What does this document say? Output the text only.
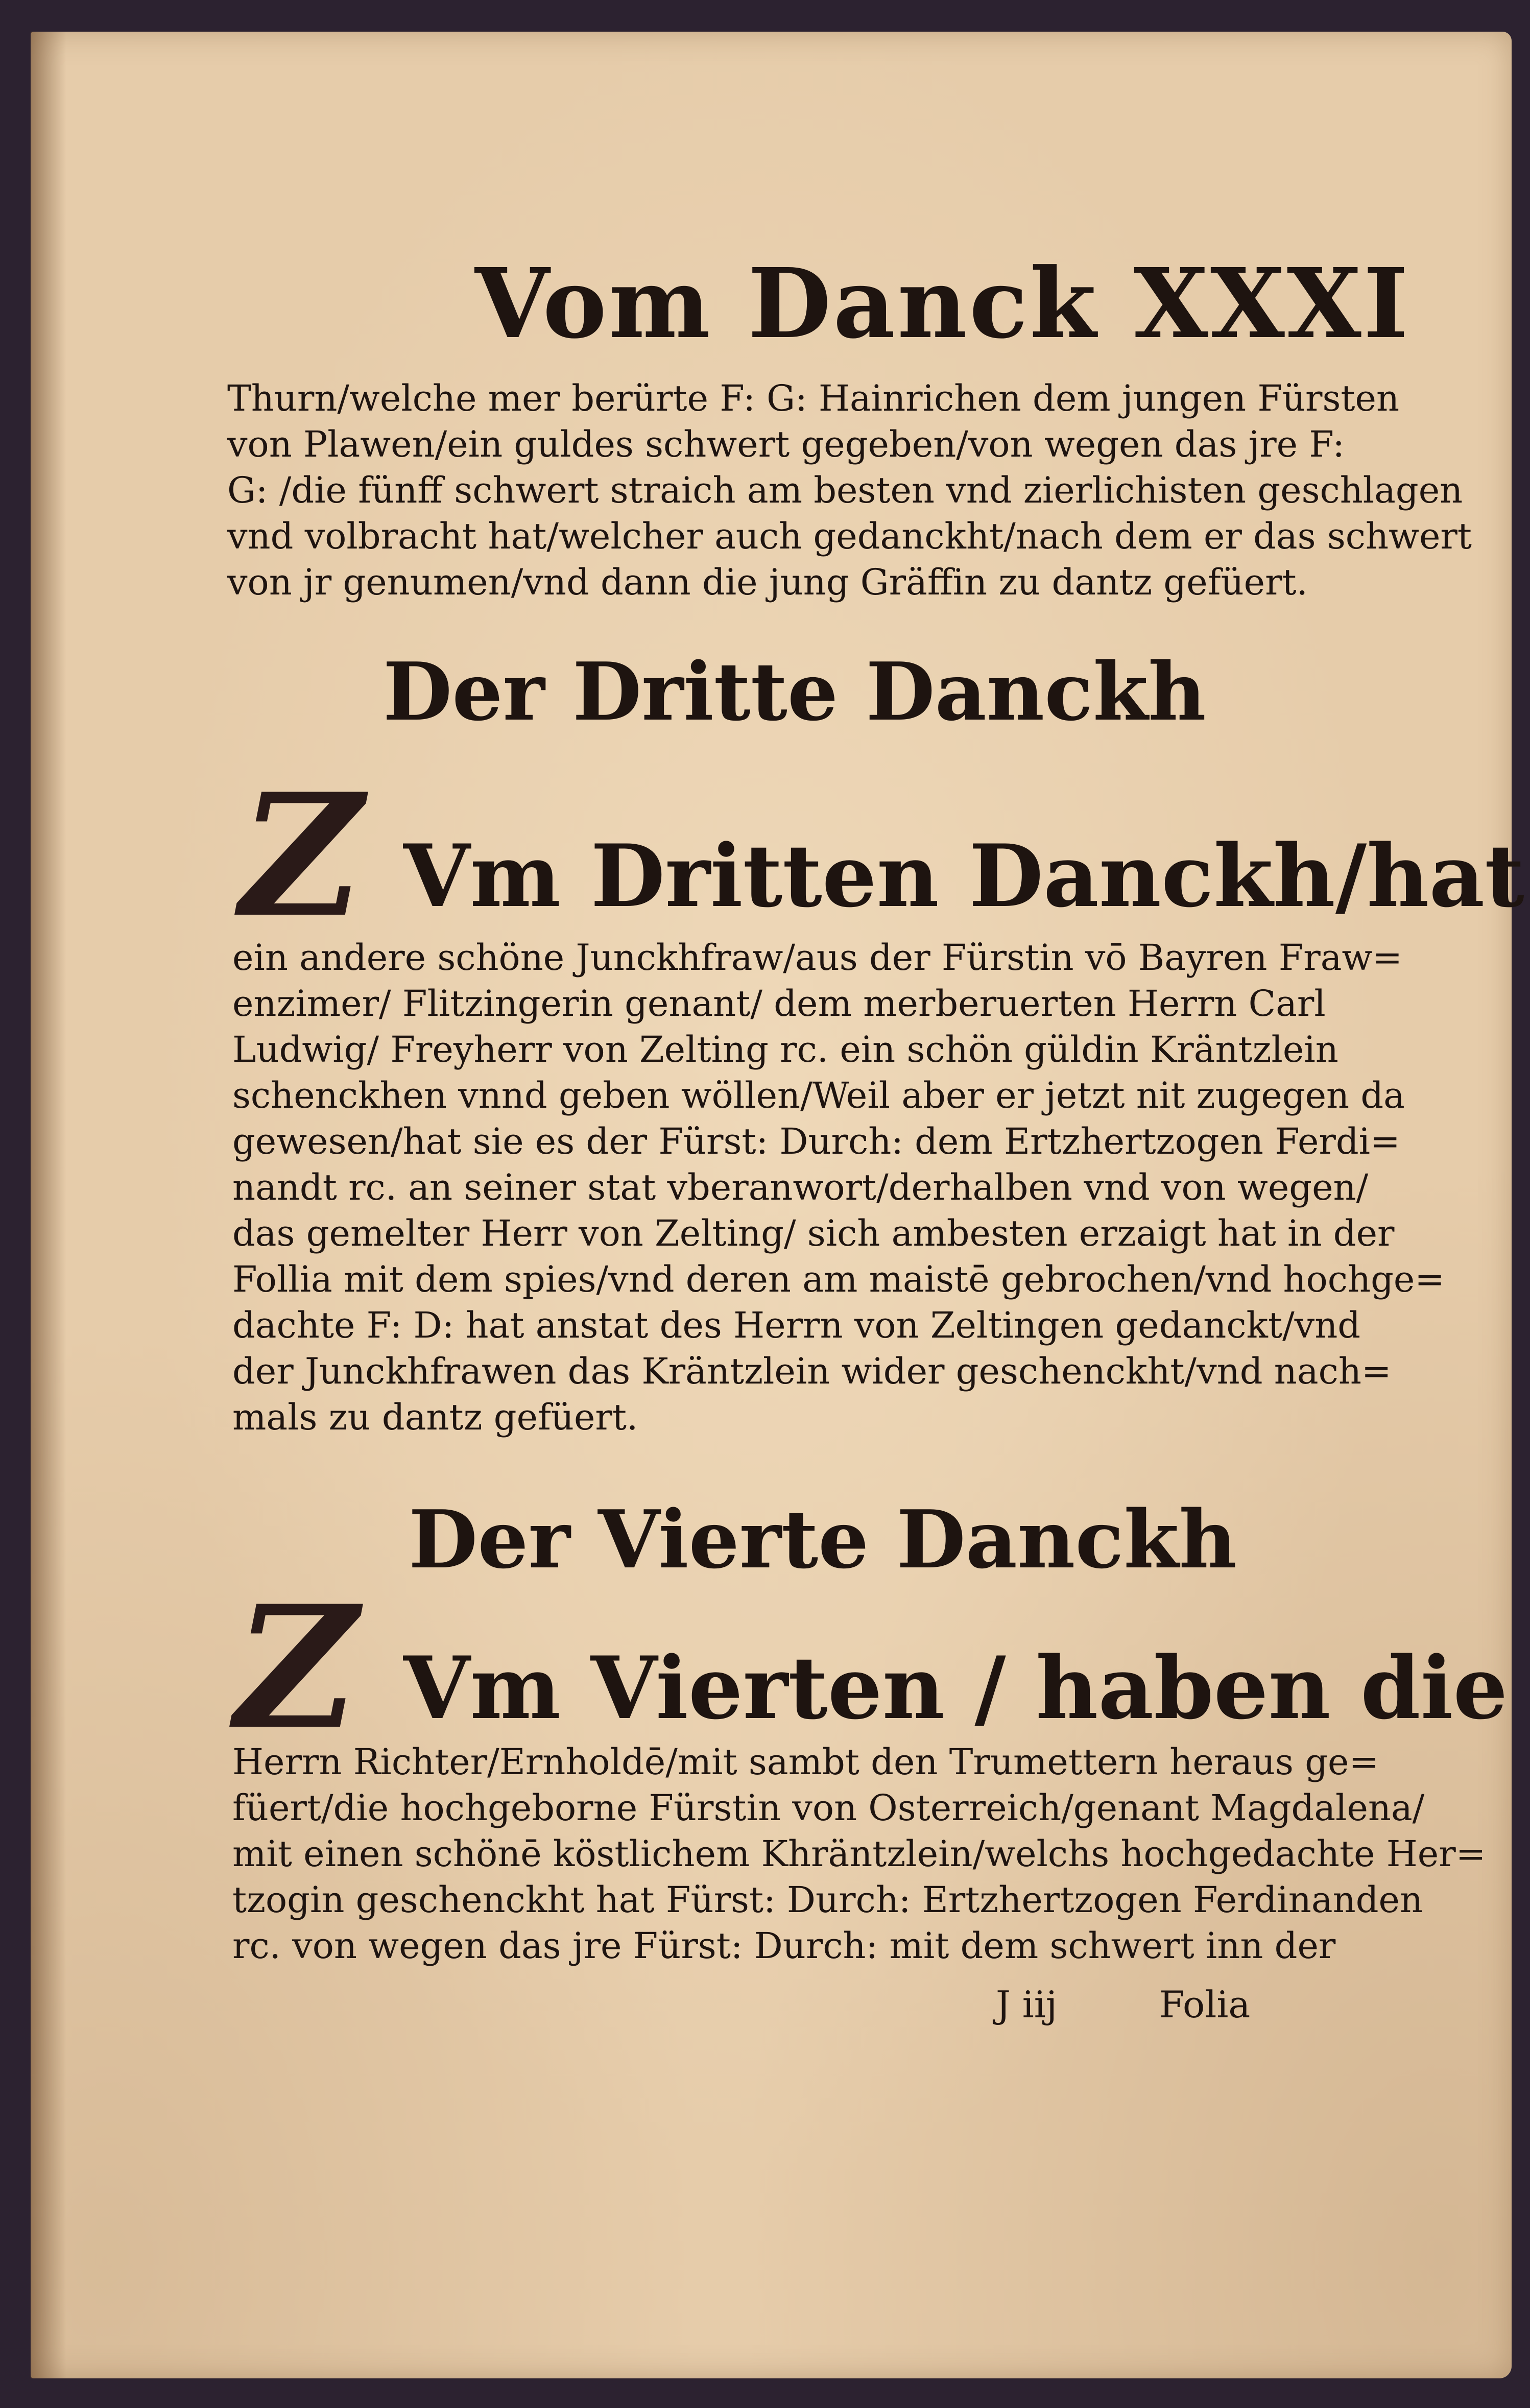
Vom Danck XXXI
Thurn/welche mer berürte F: G: Hainrichen dem jungen Fürsten
von Plawen/ein guldes schwert gegeben/von wegen das jre F:
G: /die fünff schwert straich am besten vnd zierlichisten geschlagen
vnd volbracht hat/welcher auch gedanckht/nach dem er das schwert
von jr genumen/vnd dann die jung Gräffin zu dantz gefüert.
Der Dritte Danckh
Z Vm Dritten Danckh/hat
ein andere schöne Junckhfraw/aus der Fürstin vō Bayren Fraw=
enzimer/ Flitzingerin genant/ dem merberuerten Herrn Carl
Ludwig/ Freyherr von Zelting rc. ein schön güldin Kräntzlein
schenckhen vnnd geben wöllen/Weil aber er jetzt nit zugegen da
gewesen/hat sie es der Fürst: Durch: dem Ertzhertzogen Ferdi=
nandt rc. an seiner stat vberanwort/derhalben vnd von wegen/
das gemelter Herr von Zelting/ sich ambesten erzaigt hat in der
Follia mit dem spies/vnd deren am maistē gebrochen/vnd hochge=
dachte F: D: hat anstat des Herrn von Zeltingen gedanckt/vnd
der Junckhfrawen das Kräntzlein wider geschenckht/vnd nach=
mals zu dantz gefüert.
Der Vierte Danckh
Z Vm Vierten / haben die
Herrn Richter/Ernholdē/mit sambt den Trumettern heraus ge=
füert/die hochgeborne Fürstin von Osterreich/genant Magdalena/
mit einen schönē köstlichem Khräntzlein/welchs hochgedachte Her=
tzogin geschenckht hat Fürst: Durch: Ertzhertzogen Ferdinanden
rc. von wegen das jre Fürst: Durch: mit dem schwert inn der
J iij	Folia
